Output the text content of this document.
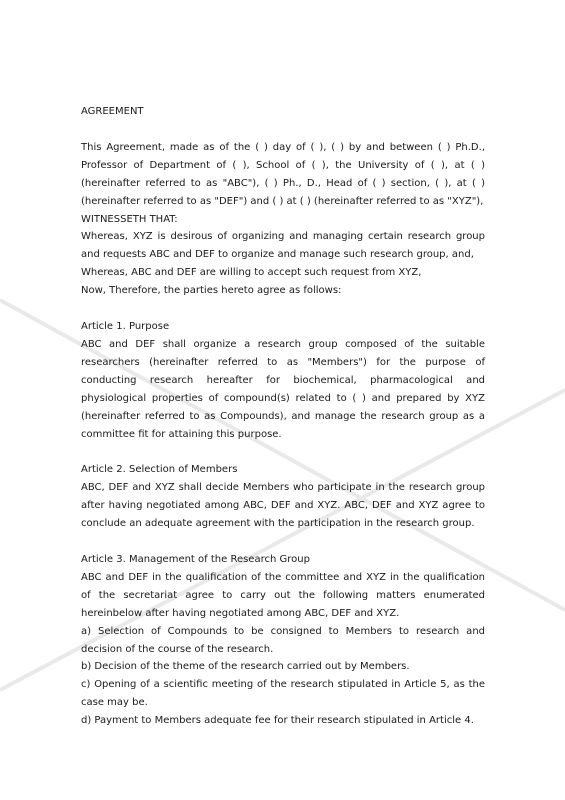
AGREEMENT

This Agreement, made as of the ( ) day of ( ), ( ) by and between ( ) Ph.D., Professor of Department of ( ), School of ( ), the University of ( ), at ( ) (hereinafter referred to as "ABC"), ( ) Ph., D., Head of ( ) section, ( ), at ( ) (hereinafter referred to as "DEF") and ( ) at ( ) (hereinafter referred to as "XYZ"),

WITNESSETH THAT:

Whereas, XYZ is desirous of organizing and managing certain research group and requests ABC and DEF to organize and manage such research group, and,

Whereas, ABC and DEF are willing to accept such request from XYZ,

Now, Therefore, the parties hereto agree as follows:

Article 1. Purpose

ABC and DEF shall organize a research group composed of the suitable researchers (hereinafter referred to as "Members") for the purpose of conducting research hereafter for biochemical, pharmacological and physiological properties of compound(s) related to ( ) and prepared by XYZ (hereinafter referred to as Compounds), and manage the research group as a committee fit for attaining this purpose.

Article 2. Selection of Members

ABC, DEF and XYZ shall decide Members who participate in the research group after having negotiated among ABC, DEF and XYZ. ABC, DEF and XYZ agree to conclude an adequate agreement with the participation in the research group.

Article 3. Management of the Research Group

ABC and DEF in the qualification of the committee and XYZ in the qualification of the secretariat agree to carry out the following matters enumerated hereinbelow after having negotiated among ABC, DEF and XYZ.

a) Selection of Compounds to be consigned to Members to research and decision of the course of the research.

b) Decision of the theme of the research carried out by Members.

c) Opening of a scientific meeting of the research stipulated in Article 5, as the case may be.

d) Payment to Members adequate fee for their research stipulated in Article 4.
